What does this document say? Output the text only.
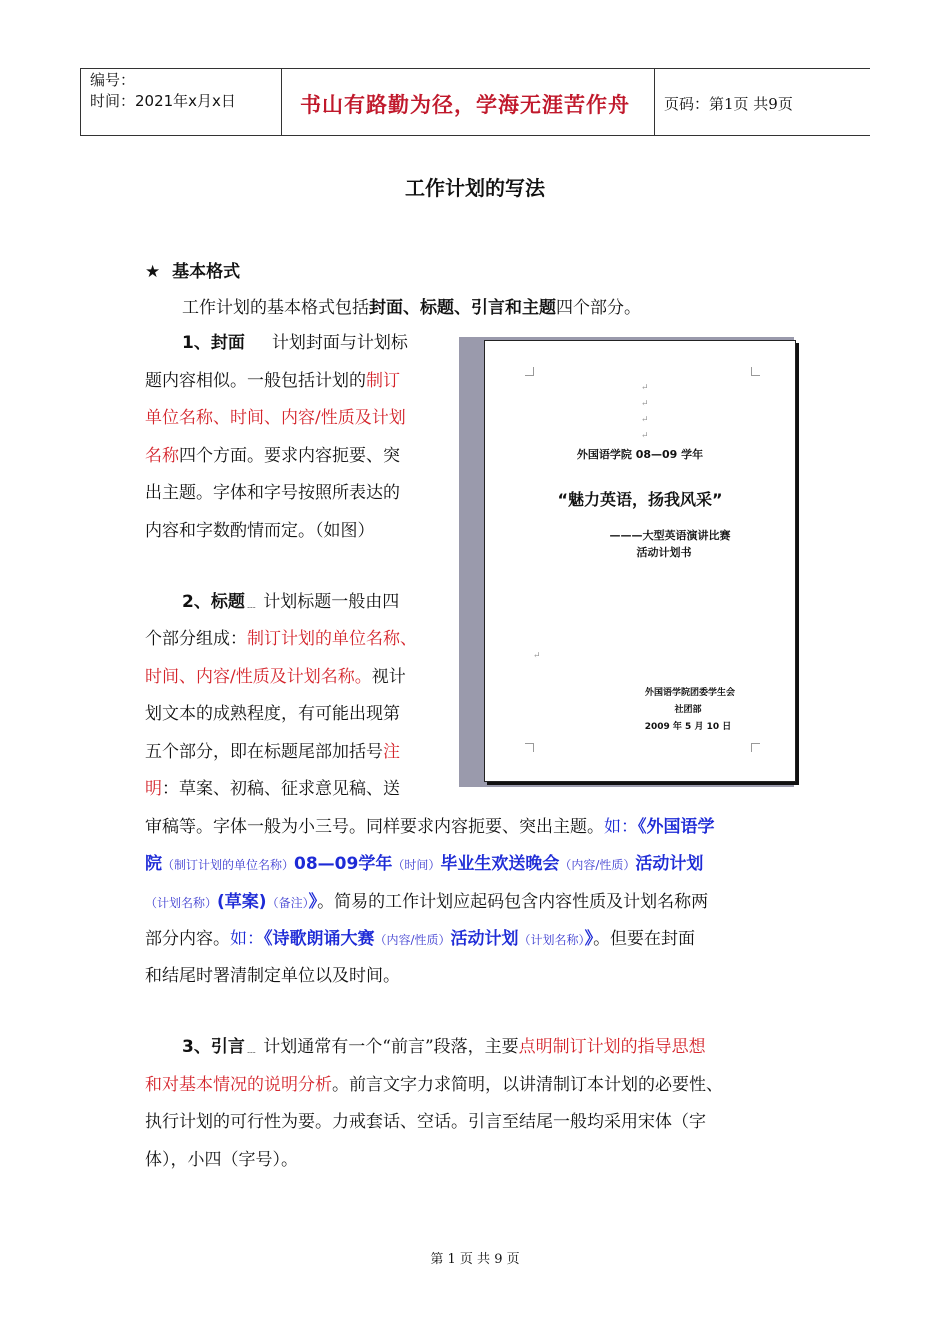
编号：
时间：2021年x月x日	书山有路勤为径，学海无涯苦作舟 页码：第1页 共9页
工作计划的写法
★ 基本格式
工作计划的基本格式包括封面、标题、引言和主题四个部分。
1、封面 计划封面与计划标
题内容相似。一般包括计划的制订
单位名称、时间、内容/性质及计划
名称四个方面。要求内容扼要、突
出主题。字体和字号按照所表达的
内容和字数酌情而定。（如图）
2、标题﹍ 计划标题一般由四
个部分组成：制订计划的单位名称、
时间、内容/性质及计划名称。视计
划文本的成熟程度，有可能出现第
五个部分，即在标题尾部加括号注
明：草案、初稿、征求意见稿、送
审稿等。字体一般为小三号。同样要求内容扼要、突出主题。如：《外国语学
院（制订计划的单位名称）08—09学年（时间）毕业生欢送晚会（内容/性质）活动计划
（计划名称）(草案)（备注）》。简易的工作计划应起码包含内容性质及计划名称两
部分内容。如：《诗歌朗诵大赛（内容/性质）活动计划（计划名称）》。但要在封面
和结尾时署清制定单位以及时间。
3、引言﹍ 计划通常有一个“前言”段落，主要点明制订计划的指导思想
和对基本情况的说明分析。前言文字力求简明，以讲清制订本计划的必要性、
执行计划的可行性为要。力戒套话、空话。引言至结尾一般均采用宋体（字
体），小四（字号）。
↵
↵
↵
↵
外国语学院 08—09 学年
“魅力英语，扬我风采”
———大型英语演讲比赛
活动计划书
↵
外国语学院团委学生会
社团部
2009 年 5 月 10 日
第 1 页 共 9 页
